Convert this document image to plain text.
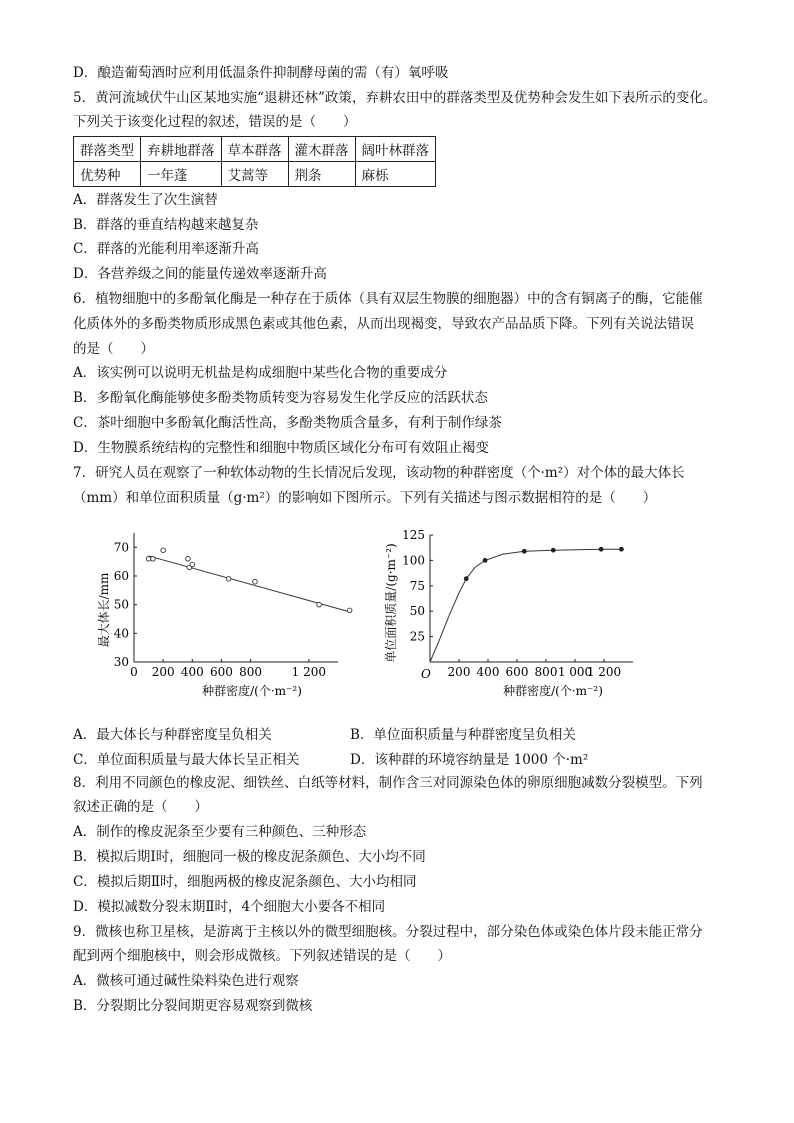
D．酿造葡萄酒时应利用低温条件抑制酵母菌的需（有）氧呼吸
5．黄河流域伏牛山区某地实施“退耕还林”政策，弃耕农田中的群落类型及优势种会发生如下表所示的变化。
下列关于该变化过程的叙述，错误的是（　　）
群落类型	弃耕地群落	草本群落	灌木群落	阔叶林群落
优势种	一年蓬	艾蒿等	荆条	麻栎
A．群落发生了次生演替
B．群落的垂直结构越来越复杂
C．群落的光能利用率逐渐升高
D．各营养级之间的能量传递效率逐渐升高
6．植物细胞中的多酚氧化酶是一种存在于质体（具有双层生物膜的细胞器）中的含有铜离子的酶，它能催
化质体外的多酚类物质形成黑色素或其他色素，从而出现褐变，导致农产品品质下降。下列有关说法错误
的是（　　）
A．该实例可以说明无机盐是构成细胞中某些化合物的重要成分
B．多酚氧化酶能够使多酚类物质转变为容易发生化学反应的活跃状态
C．茶叶细胞中多酚氧化酶活性高，多酚类物质含量多，有利于制作绿茶
D．生物膜系统结构的完整性和细胞中物质区域化分布可有效阻止褐变
7．研究人员在观察了一种软体动物的生长情况后发现，该动物的种群密度（个·m²）对个体的最大体长
（mm）和单位面积质量（g·m²）的影响如下图所示。下列有关描述与图示数据相符的是（　　）
0 200 400 600 800 1 200
30
40
50
60
70
最大体长/mm
种群密度/(个·m⁻²)
200 400 600 800 1 000
1 200
25
50
75
100
125
单位面积质量/(g·m⁻²)
种群密度/(个·m⁻²)
O
A．最大体长与种群密度呈负相关	B．单位面积质量与种群密度呈负相关
C．单位面积质量与最大体长呈正相关	D．该种群的环境容纳量是 1000 个·m²
8．利用不同颜色的橡皮泥、细铁丝、白纸等材料，制作含三对同源染色体的卵原细胞减数分裂模型。下列
叙述正确的是（　　）
A．制作的橡皮泥条至少要有三种颜色、三种形态
B．模拟后期Ⅰ时，细胞同一极的橡皮泥条颜色、大小均不同
C．模拟后期Ⅱ时，细胞两极的橡皮泥条颜色、大小均相同
D．模拟减数分裂末期Ⅱ时，4个细胞大小要各不相同
9．微核也称卫星核，是游离于主核以外的微型细胞核。分裂过程中，部分染色体或染色体片段未能正常分
配到两个细胞核中，则会形成微核。下列叙述错误的是（　　）
A．微核可通过碱性染料染色进行观察
B．分裂期比分裂间期更容易观察到微核
